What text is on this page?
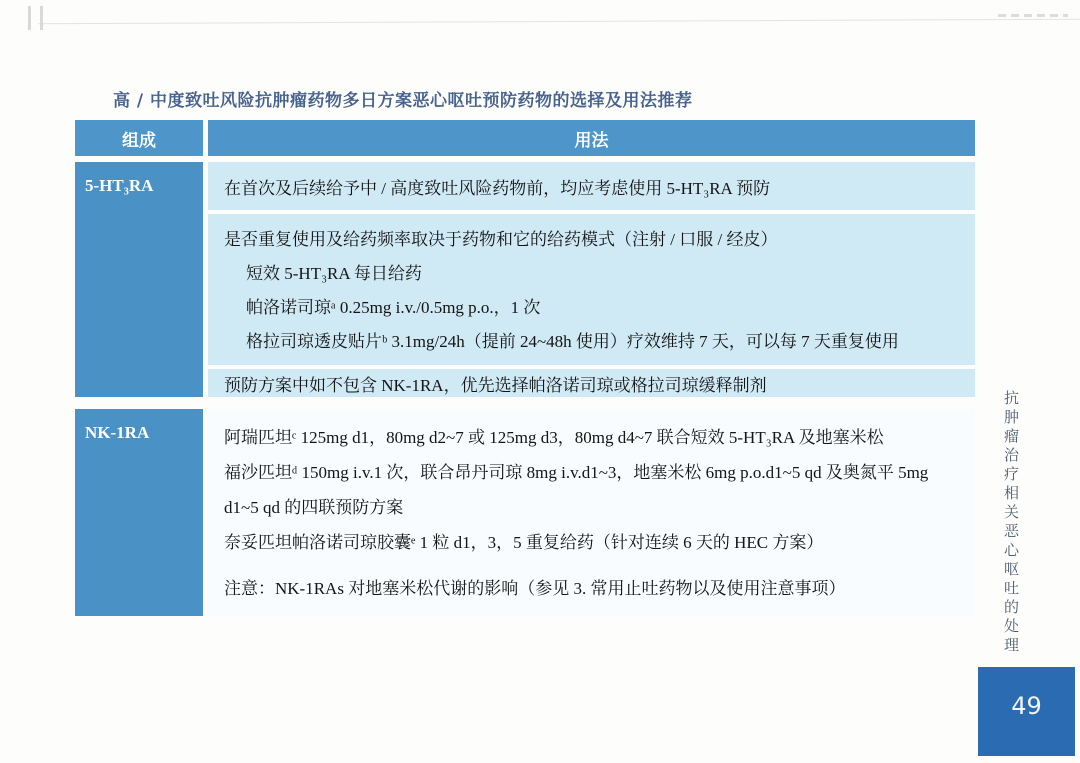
高 / 中度致吐风险抗肿瘤药物多日方案恶心呕吐预防药物的选择及用法推荐
组成	用法
5-HT₃RA	在首次及后续给予中 / 高度致吐风险药物前，均应考虑使用 5-HT₃RA 预防
是否重复使用及给药频率取决于药物和它的给药模式（注射 / 口服 / 经皮）
短效 5-HT₃RA 每日给药
帕洛诺司琼ᵃ 0.25mg i.v./0.5mg p.o.，1 次
格拉司琼透皮贴片ᵇ 3.1mg/24h（提前 24~48h 使用）疗效维持 7 天，可以每 7 天重复使用
预防方案中如不包含 NK-1RA，优先选择帕洛诺司琼或格拉司琼缓释制剂
NK-1RA	阿瑞匹坦ᶜ 125mg d1，80mg d2~7 或 125mg d3，80mg d4~7 联合短效 5-HT₃RA 及地塞米松
福沙匹坦ᵈ 150mg i.v.1 次，联合昂丹司琼 8mg i.v.d1~3，地塞米松 6mg p.o.d1~5 qd 及奥氮平 5mg d1~5 qd 的四联预防方案
奈妥匹坦帕洛诺司琼胶囊ᵉ 1 粒 d1，3，5 重复给药（针对连续 6 天的 HEC 方案）
注意：NK-1RAs 对地塞米松代谢的影响（参见 3. 常用止吐药物以及使用注意事项）	抗肿瘤治疗相关恶心呕吐的处理
49
